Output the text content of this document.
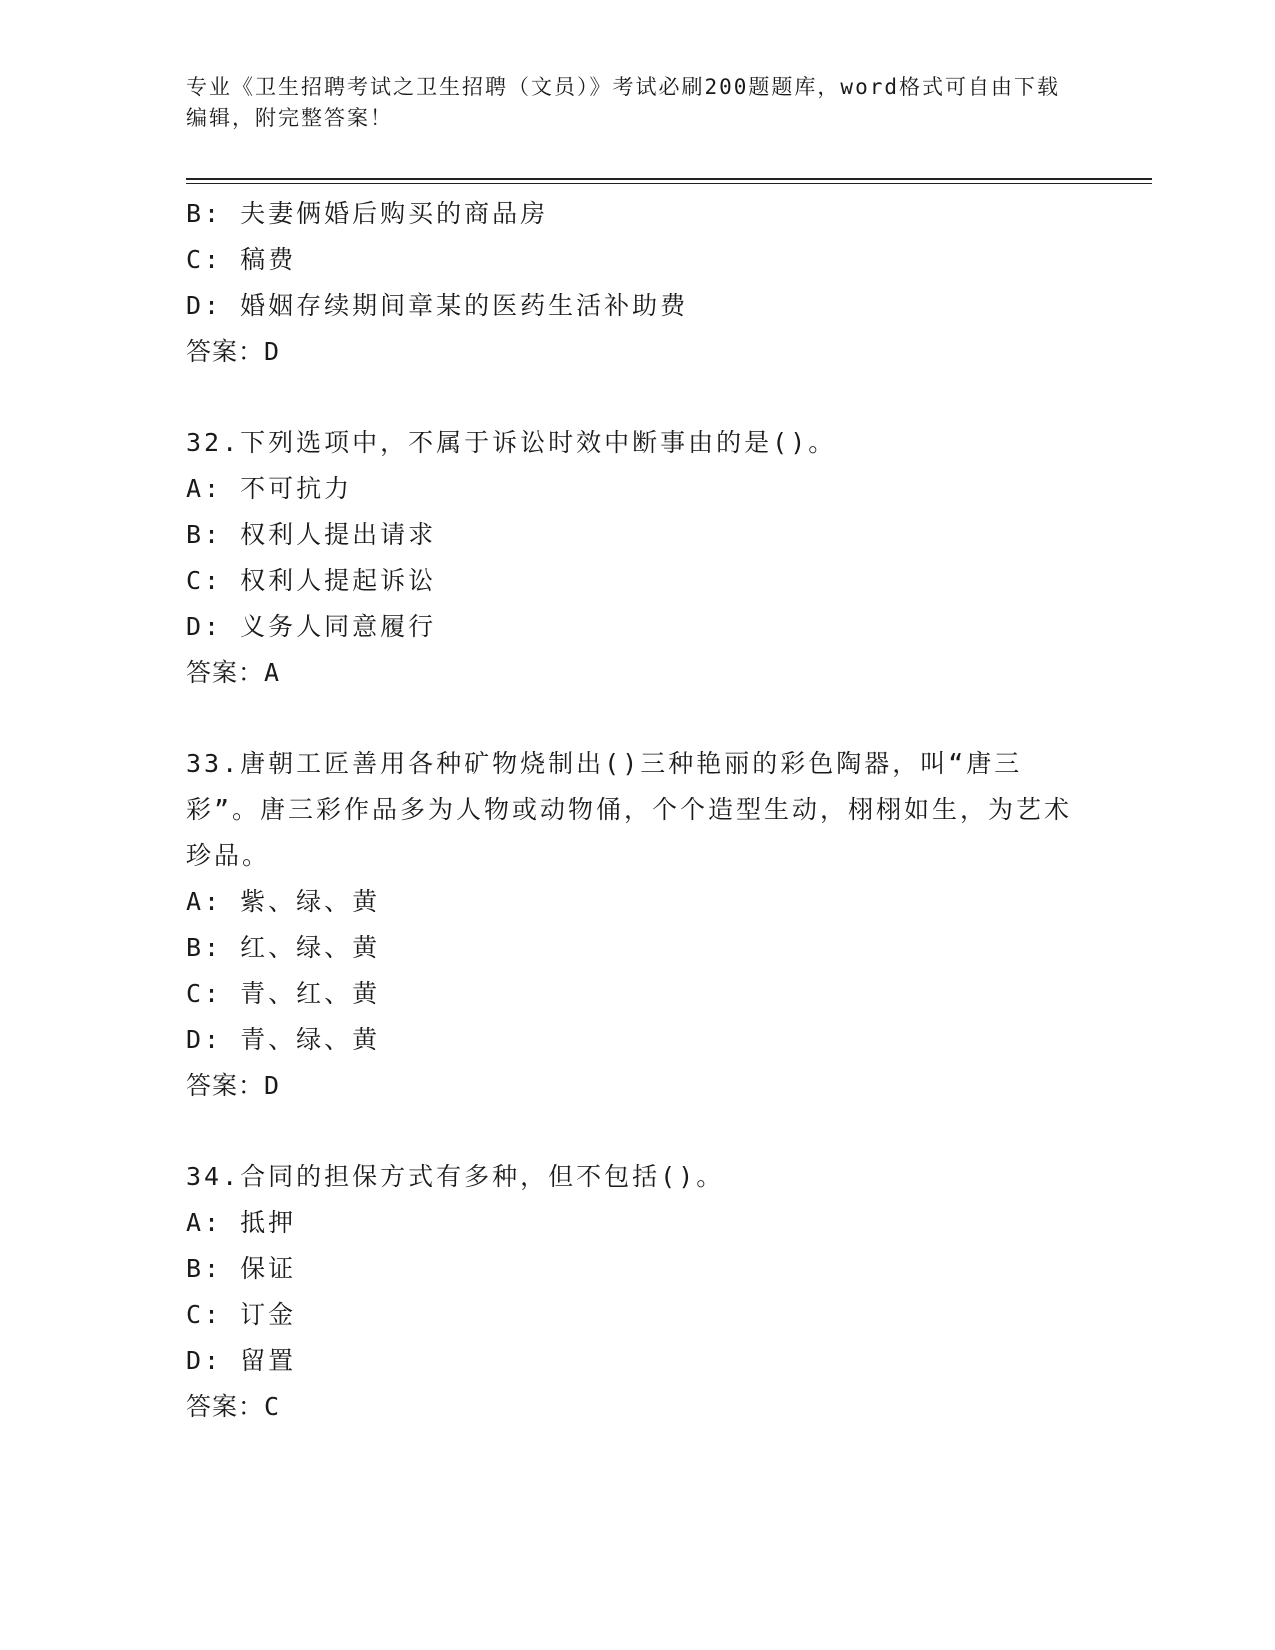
专业《卫生招聘考试之卫生招聘（文员）》考试必刷200题题库，word格式可自由下载编辑，附完整答案！
B: 夫妻俩婚后购买的商品房
C: 稿费
D: 婚姻存续期间章某的医药生活补助费
答案：D
32.下列选项中，不属于诉讼时效中断事由的是()。
A: 不可抗力
B: 权利人提出请求
C: 权利人提起诉讼
D: 义务人同意履行
答案：A
33.唐朝工匠善用各种矿物烧制出()三种艳丽的彩色陶器，叫“唐三彩”。唐三彩作品多为人物或动物俑，个个造型生动，栩栩如生，为艺术珍品。
A: 紫、绿、黄
B: 红、绿、黄
C: 青、红、黄
D: 青、绿、黄
答案：D
34.合同的担保方式有多种，但不包括()。
A: 抵押
B: 保证
C: 订金
D: 留置
答案：C
